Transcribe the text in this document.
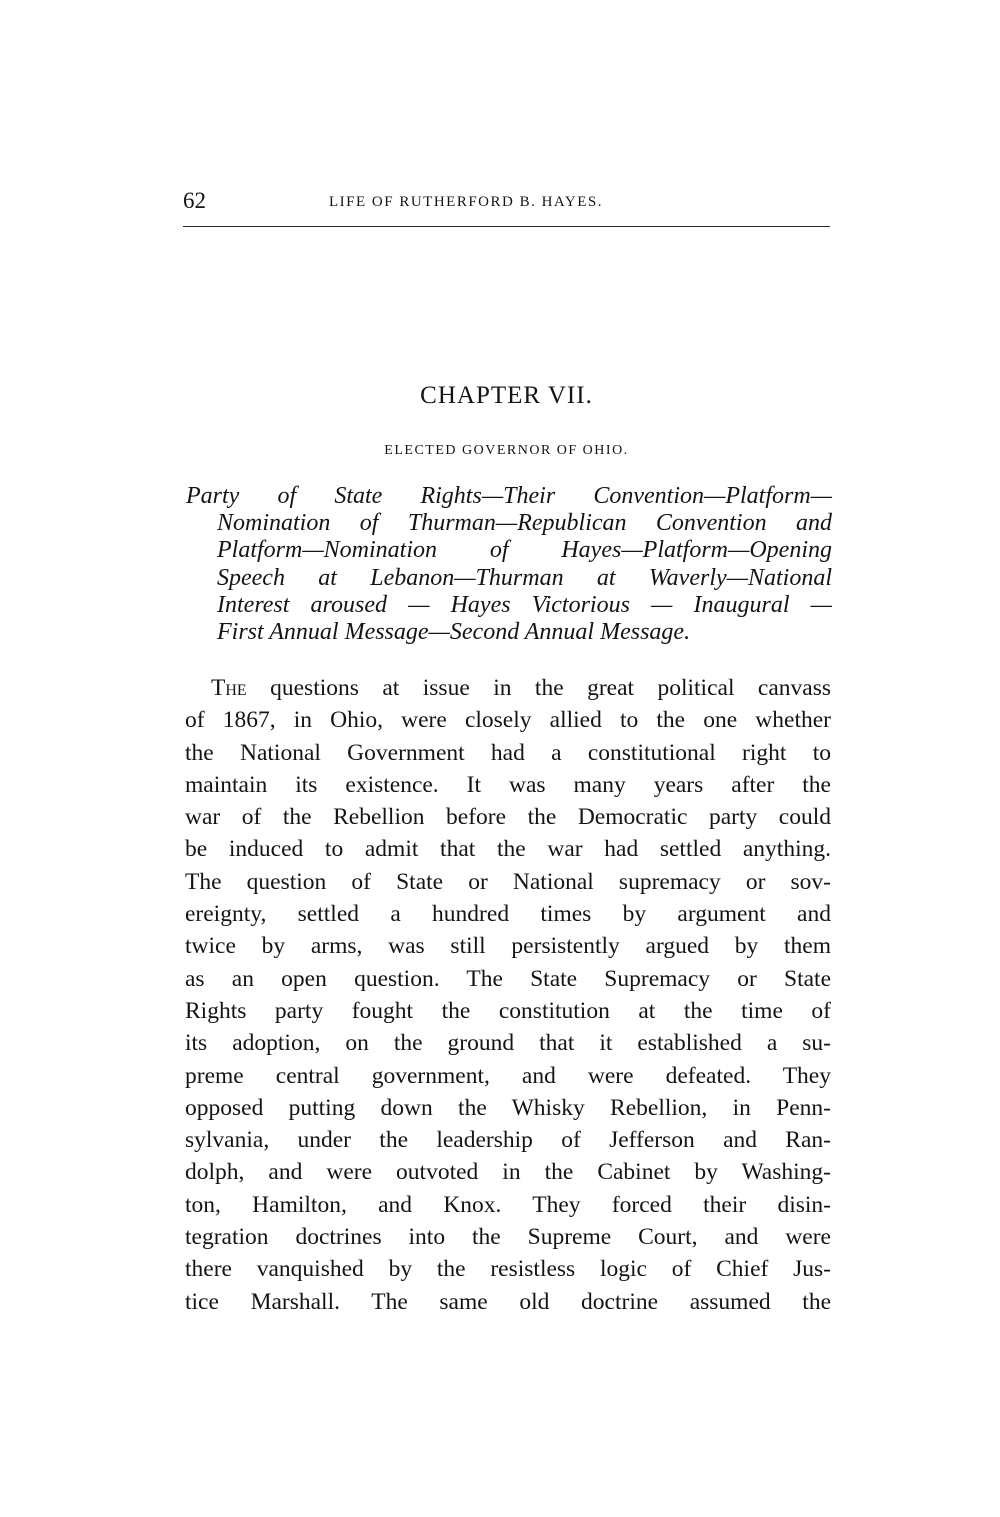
62	LIFE OF RUTHERFORD B. HAYES.
CHAPTER VII.
ELECTED GOVERNOR OF OHIO.
Party of State Rights—Their Convention—Platform—
Nomination of Thurman—Republican Convention and
Platform—Nomination of Hayes—Platform—Opening
Speech at Lebanon—Thurman at Waverly—National
Interest aroused — Hayes Victorious — Inaugural —
First Annual Message—Second Annual Message.
The questions at issue in the great political canvass
of 1867, in Ohio, were closely allied to the one whether
the National Government had a constitutional right to
maintain its existence. It was many years after the
war of the Rebellion before the Democratic party could
be induced to admit that the war had settled anything.
The question of State or National supremacy or sov-
ereignty, settled a hundred times by argument and
twice by arms, was still persistently argued by them
as an open question. The State Supremacy or State
Rights party fought the constitution at the time of
its adoption, on the ground that it established a su-
preme central government, and were defeated. They
opposed putting down the Whisky Rebellion, in Penn-
sylvania, under the leadership of Jefferson and Ran-
dolph, and were outvoted in the Cabinet by Washing-
ton, Hamilton, and Knox. They forced their disin-
tegration doctrines into the Supreme Court, and were
there vanquished by the resistless logic of Chief Jus-
tice Marshall. The same old doctrine assumed the
